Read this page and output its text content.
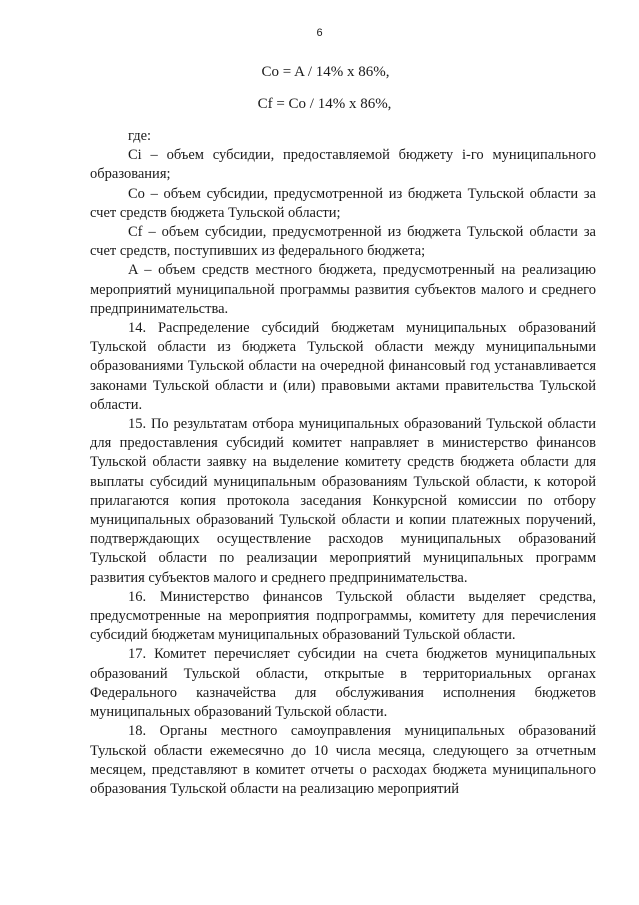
6
Co = A / 14% x 86%,
Cf = Co / 14% x 86%,

где:

Ci – объем субсидии, предоставляемой бюджету i-го муниципального образования;

Co – объем субсидии, предусмотренной из бюджета Тульской области за счет средств бюджета Тульской области;

Cf – объем субсидии, предусмотренной из бюджета Тульской области за счет средств, поступивших из федерального бюджета;

A – объем средств местного бюджета, предусмотренный на реализацию мероприятий муниципальной программы развития субъектов малого и среднего предпринимательства.

14. Распределение субсидий бюджетам муниципальных образований Тульской области из бюджета Тульской области между муниципальными образованиями Тульской области на очередной финансовый год устанавливается законами Тульской области и (или) правовыми актами правительства Тульской области.

15. По результатам отбора муниципальных образований Тульской области для предоставления субсидий комитет направляет в министерство финансов Тульской области заявку на выделение комитету средств бюджета области для выплаты субсидий муниципальным образованиям Тульской области, к которой прилагаются копия протокола заседания Конкурсной комиссии по отбору муниципальных образований Тульской области и копии платежных поручений, подтверждающих осуществление расходов муниципальных образований Тульской области по реализации мероприятий муниципальных программ развития субъектов малого и среднего предпринимательства.

16. Министерство финансов Тульской области выделяет средства, предусмотренные на мероприятия подпрограммы, комитету для перечисления субсидий бюджетам муниципальных образований Тульской области.

17. Комитет перечисляет субсидии на счета бюджетов муниципальных образований Тульской области, открытые в территориальных органах Федерального казначейства для обслуживания исполнения бюджетов муниципальных образований Тульской области.

18. Органы местного самоуправления муниципальных образований Тульской области ежемесячно до 10 числа месяца, следующего за отчетным месяцем, представляют в комитет отчеты о расходах бюджета муниципального образования Тульской области на реализацию мероприятий
